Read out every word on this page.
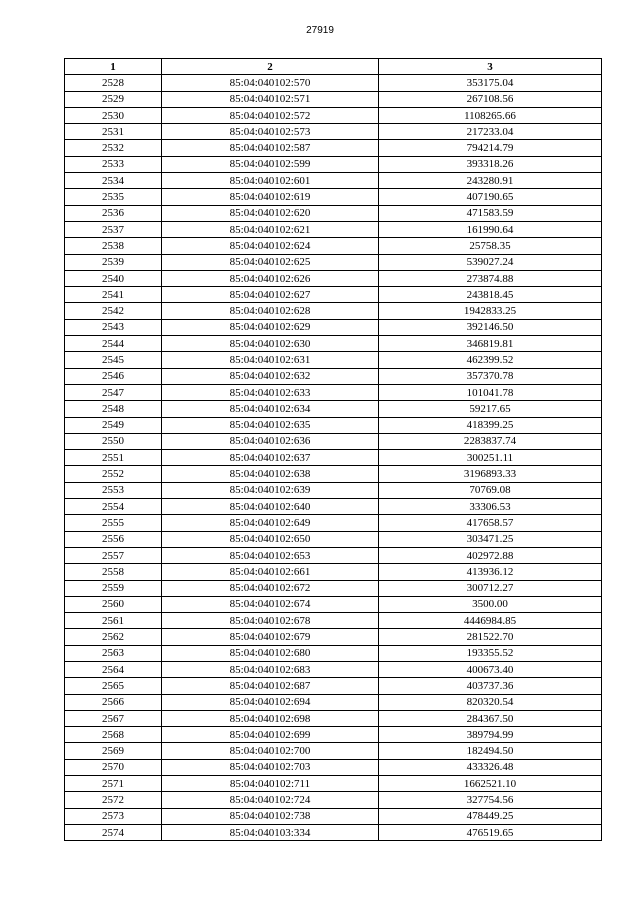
27919
1	2	3
2528	85:04:040102:570	353175.04
2529	85:04:040102:571	267108.56
2530	85:04:040102:572	1108265.66
2531	85:04:040102:573	217233.04
2532	85:04:040102:587	794214.79
2533	85:04:040102:599	393318.26
2534	85:04:040102:601	243280.91
2535	85:04:040102:619	407190.65
2536	85:04:040102:620	471583.59
2537	85:04:040102:621	161990.64
2538	85:04:040102:624	25758.35
2539	85:04:040102:625	539027.24
2540	85:04:040102:626	273874.88
2541	85:04:040102:627	243818.45
2542	85:04:040102:628	1942833.25
2543	85:04:040102:629	392146.50
2544	85:04:040102:630	346819.81
2545	85:04:040102:631	462399.52
2546	85:04:040102:632	357370.78
2547	85:04:040102:633	101041.78
2548	85:04:040102:634	59217.65
2549	85:04:040102:635	418399.25
2550	85:04:040102:636	2283837.74
2551	85:04:040102:637	300251.11
2552	85:04:040102:638	3196893.33
2553	85:04:040102:639	70769.08
2554	85:04:040102:640	33306.53
2555	85:04:040102:649	417658.57
2556	85:04:040102:650	303471.25
2557	85:04:040102:653	402972.88
2558	85:04:040102:661	413936.12
2559	85:04:040102:672	300712.27
2560	85:04:040102:674	3500.00
2561	85:04:040102:678	4446984.85
2562	85:04:040102:679	281522.70
2563	85:04:040102:680	193355.52
2564	85:04:040102:683	400673.40
2565	85:04:040102:687	403737.36
2566	85:04:040102:694	820320.54
2567	85:04:040102:698	284367.50
2568	85:04:040102:699	389794.99
2569	85:04:040102:700	182494.50
2570	85:04:040102:703	433326.48
2571	85:04:040102:711	1662521.10
2572	85:04:040102:724	327754.56
2573	85:04:040102:738	478449.25
2574	85:04:040103:334	476519.65
